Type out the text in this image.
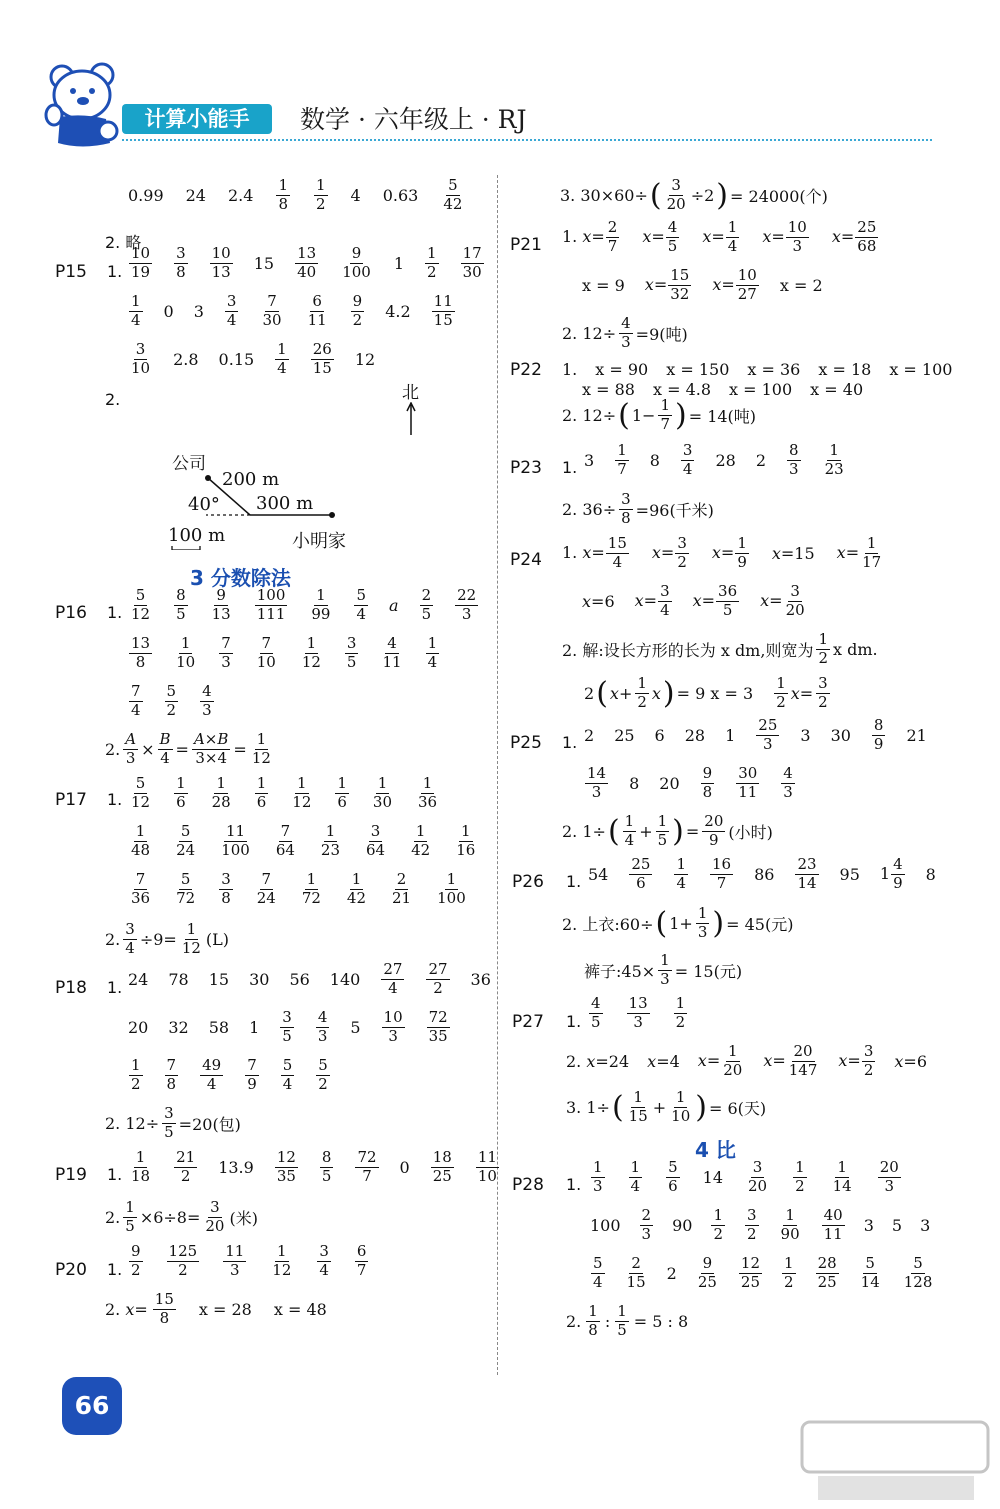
计算小能手	数学 · 六年级上 · RJ
0.99 24 $2.4 \frac{1}{8} \frac{1}{2} 4$ $0.63 \frac{5}{42}$
2. 略
P15 1. $\frac{10}{19} \frac{3}{8} \frac{10}{13} 15 \frac{13}{40} \frac{9}{100} 1 \frac{1}{2} \frac{17}{30}$
$\frac{1}{4} 0$ $3 \frac{3}{4} \frac{7}{30} \frac{6}{11} \frac{9}{2} 4.2 \frac{11}{15}$
$\frac{3}{10} 2.8$ $0.15 \frac{1}{4} \frac{26}{15} 12$
2.	北
公司
200 m
40° 300 m
100 m	小明家
3 分数除法
P16 1. $\frac{5}{12} \frac{8}{5} \frac{9}{13} \frac{100}{111} \frac{1}{99} \frac{5}{4}$ a $\frac{2}{5} \frac{22}{3}$
$\frac{13}{8} \frac{1}{10} \frac{7}{3} \frac{7}{10} \frac{1}{12} \frac{3}{5} \frac{4}{11} \frac{1}{4}$
$\frac{7}{4} \frac{5}{2} \frac{4}{3}$
2. $\frac{A}{3} \times \frac{B}{4} = \frac{A\times B}{3\times 4} = \frac{1}{12}$
P17 1. $\frac{5}{12} \frac{1}{6} \frac{1}{28} \frac{1}{6} \frac{1}{12} \frac{1}{6} \frac{1}{30} \frac{1}{36}$
$\frac{1}{48} \frac{5}{24} \frac{11}{100} \frac{7}{64} \frac{1}{23} \frac{3}{64} \frac{1}{42} \frac{1}{16}$
$\frac{7}{36} \frac{5}{72} \frac{3}{8} \frac{7}{24} \frac{1}{72} \frac{1}{42} \frac{2}{21} \frac{1}{100}$
2. $\frac{3}{4} \div 9= \frac{1}{12} (L)$
P18 1. 24 78 15 30 56 $140 \frac{27}{4} \frac{27}{2} 36$
20 32 58 $1 \frac{3}{5} \frac{4}{3} 5 \frac{10}{3} \frac{72}{35}$
$\frac{1}{2} \frac{7}{8} \frac{49}{4} \frac{7}{9} \frac{5}{4} \frac{5}{2}$
2. $12\div \frac{3}{5} =20$(包)
P19 1. $\frac{1}{18} \frac{21}{2} 13.9 \frac{12}{35} \frac{8}{5} \frac{72}{7} 0 \frac{18}{25} \frac{11}{10}$
2. $\frac{1}{5} \times 6\div 8= \frac{3}{20}$ (米)
P20 1. $\frac{9}{2} \frac{125}{2} \frac{11}{3} \frac{1}{12} \frac{3}{4} \frac{6}{7}$
2. $x= \frac{15}{8}$ x = 28 x = 48
3. 30×60÷ ( $\frac{3}{20} \div 2$ ) = 24000(个)
P21 1. $x= \frac{2}{7} x= \frac{4}{5} x= \frac{1}{4} x= \frac{10}{3} x= \frac{25}{68}$
x = 9 $x= \frac{15}{32} x= \frac{10}{27}$ x = 2
2. $12\div \frac{4}{3} =9$(吨)
P22 1. x = 90 x = 150 x = 36 x = 18 x = 100
x = 88 x = 4.8 x = 100 x = 40
2. 12÷ ( $1- \frac{1}{7}$ ) = 14(吨)
P23 1. $3 \frac{1}{7} 8 \frac{3}{4} 28$ $2 \frac{8}{3} \frac{1}{23}$
2. $36\div \frac{3}{8} =96$(千米)
P24 1. $x= \frac{15}{4} x= \frac{3}{2} x= \frac{1}{9} x=15$ $x= \frac{1}{17}$
x=6 $x= \frac{3}{4} x= \frac{36}{5} x= \frac{3}{20}$
2. 解:设长方形的长为 x dm,则宽为
1
2 x dm.
2 ( $x+ \frac{1}{2}$ x ) = 9 x = 3
1
2 $x= \frac{3}{2}$
P25 1. 2 25 6 28 $1 \frac{25}{3} 3$ $30 \frac{8}{9} 21$
$\frac{14}{3} 8$ $20 \frac{9}{8} \frac{30}{11} \frac{4}{3}$
2. 1÷ ( 1
$4 + \frac{1}{5}$ ) = $\frac{20}{9}$ (小时)
P26 1. $54 \frac{25}{6} \frac{1}{4} \frac{16}{7} 86 \frac{23}{14} 95$ $1 \frac{4}{9} 8$
2. 上衣:60÷ ( $1+ \frac{1}{3}$ ) = 45(元)
裤子:45× $\frac{1}{3} = 15$(元)
P27 1. $\frac{4}{5} \frac{13}{3} \frac{1}{2}$
2. x=24 x=4 $x= \frac{1}{20} x= \frac{20}{147} x= \frac{3}{2} x=6$
3. 1÷ ( 1
$15 + \frac{1}{10}$ ) = 6(天)
4 比
P28 1. $\frac{1}{3} \frac{1}{4} \frac{5}{6} 14 \frac{3}{20} \frac{1}{2} \frac{1}{14} \frac{20}{3}$
$100 \frac{2}{3} 90 \frac{1}{2} \frac{3}{2} \frac{1}{90} \frac{40}{11} 3$ 5 3
$\frac{5}{4} \frac{2}{15} 2 \frac{9}{25} \frac{12}{25} \frac{1}{2} \frac{28}{25} \frac{5}{14} \frac{5}{128}$
2.
1
8 : $\frac{1}{5} = 5$ : 8
66
